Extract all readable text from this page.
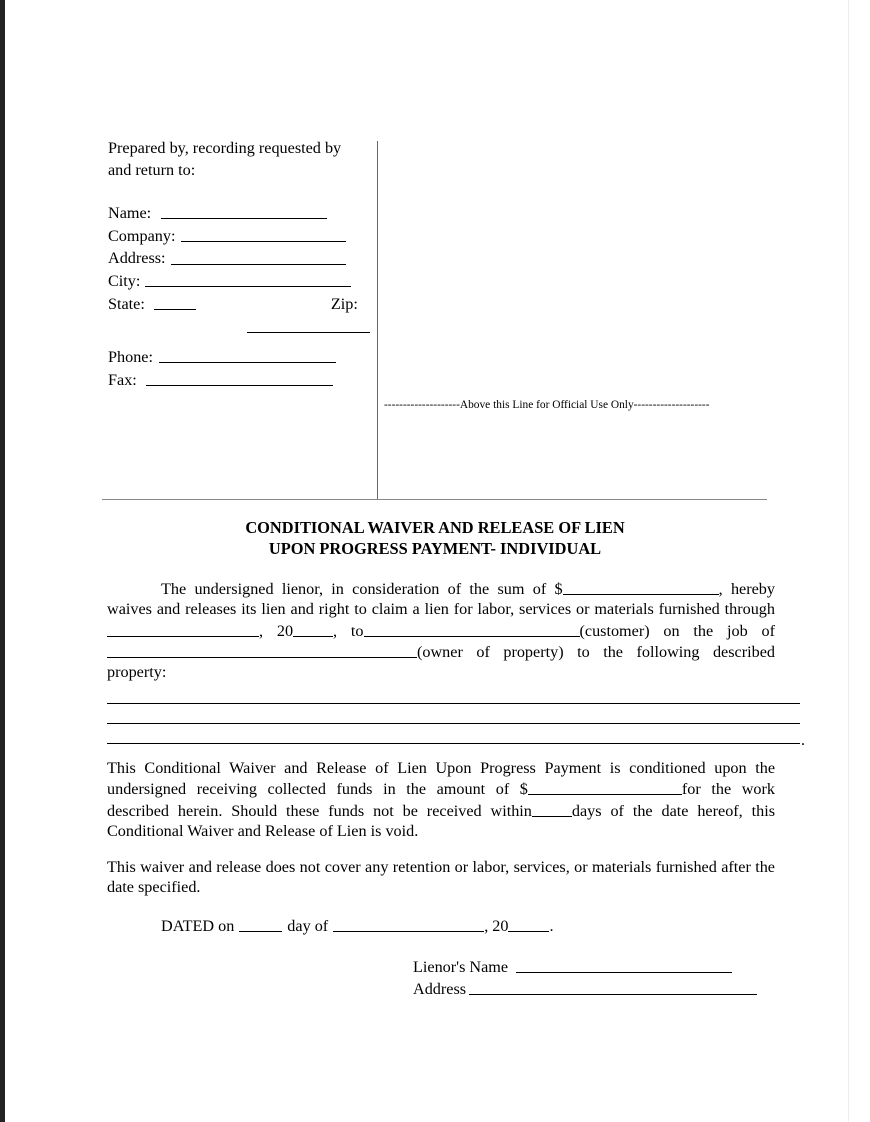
Prepared by, recording requested by
and return to:
Name:
Company:
Address:
City:
State:	Zip:
Phone:
Fax:
--------------------Above this Line for Official Use Only--------------------
CONDITIONAL WAIVER AND RELEASE OF LIEN
UPON PROGRESS PAYMENT- INDIVIDUAL

The undersigned lienor, in consideration of the sum of $	, hereby waives and releases its lien and right to claim a lien for labor, services or materials furnished through, 20 , to	(customer) on the job of(owner of property) to the following described property:

.

This Conditional Waiver and Release of Lien Upon Progress Payment is conditioned upon the undersigned receiving collected funds in the amount of $	for the work described herein. Should these funds not be received within days of the date hereof, this Conditional Waiver and Release of Lien is void.

This waiver and release does not cover any retention or labor, services, or materials furnished after the date specified.

DATED on	day of	, 20	.
Lienor's Name
Address
